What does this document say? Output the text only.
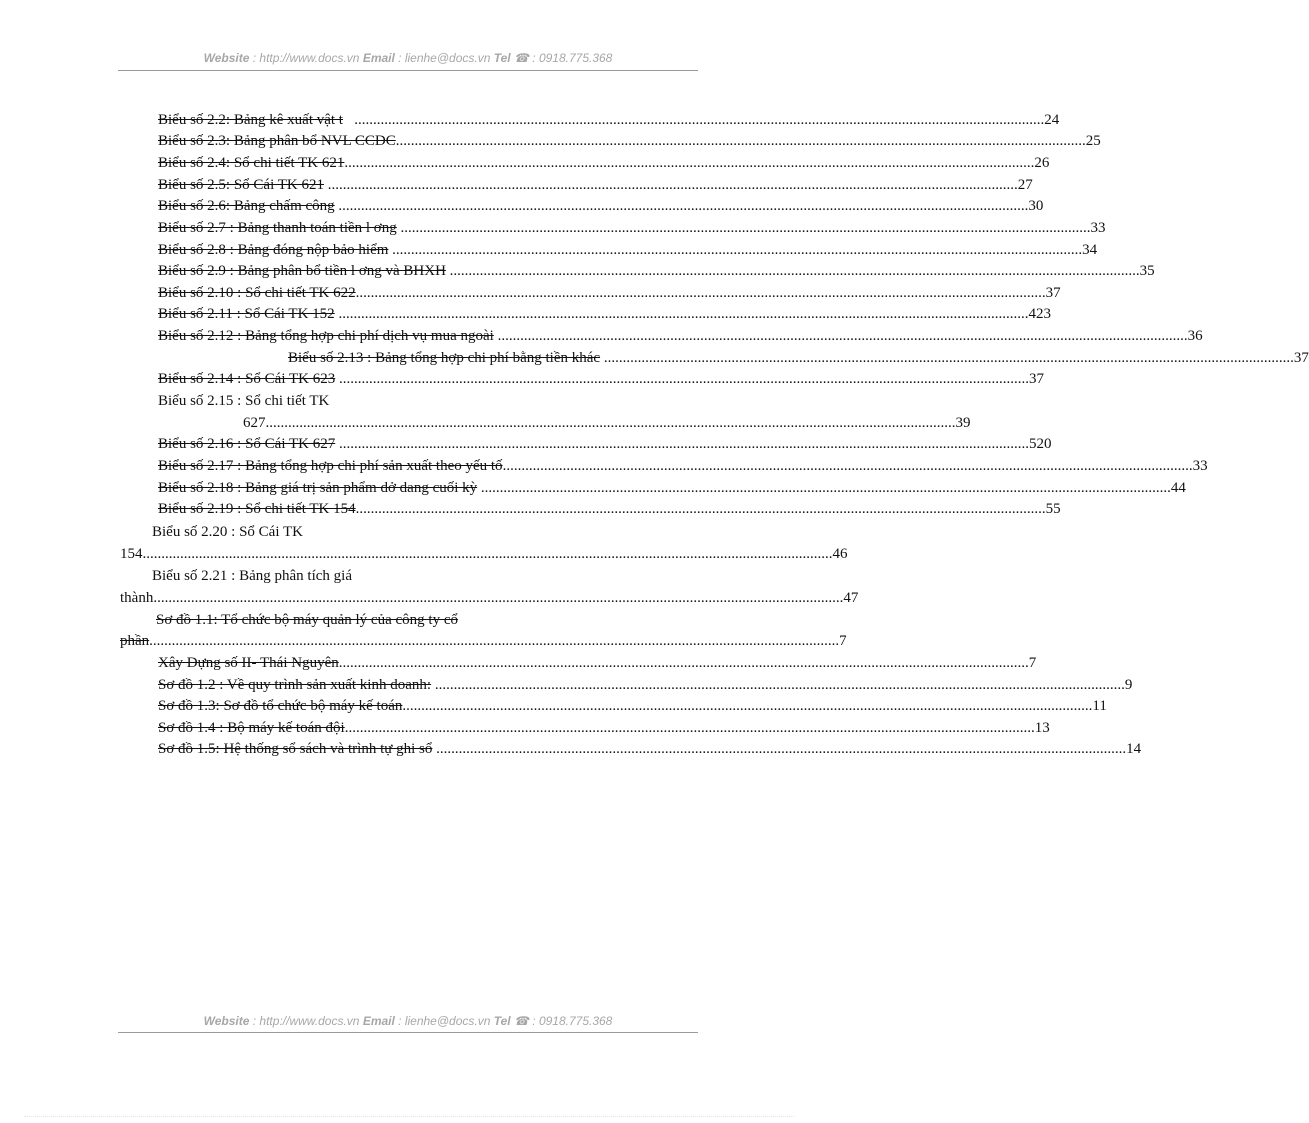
Website : http://www.docs.vn Email : lienhe@docs.vn Tel ☎ : 0918.775.368
Biểu số 2.2: Bảng kê xuất vật t ........................................................................................................................................................................................ 24
Biểu số 2.3: Bảng phân bổ NVL CCDC ........................................................................................................................................................................................ 25
Biểu số 2.4: Sổ chi tiết TK 621 ........................................................................................................................................................................................ 26
Biểu số 2.5: Sổ Cái TK 621 ........................................................................................................................................................................................ 27
Biểu số 2.6: Bảng chấm công ........................................................................................................................................................................................ 30
Biểu số 2.7 : Bảng thanh toán tiền l ơng ........................................................................................................................................................................................ 33
Biểu số 2.8 : Bảng đóng nộp bảo hiểm ........................................................................................................................................................................................ 34
Biểu số 2.9 : Bảng phân bổ tiền l ơng và BHXH ........................................................................................................................................................................................ 35
Biểu số 2.10 : Sổ chi tiết TK 622 ........................................................................................................................................................................................ 37
Biểu số 2.11 : Sổ Cái TK 152 ........................................................................................................................................................................................ 423
Biểu số 2.12 : Bảng tổng hợp chi phí dịch vụ mua ngoài ........................................................................................................................................................................................ 36
Biểu số 2.13 : Bảng tổng hợp chi phí bằng tiền khác ........................................................................................................................................................................................ 37
Biểu số 2.14 : Sổ Cái TK 623 ........................................................................................................................................................................................ 37
Biểu số 2.15 : Sổ chi tiết TK
627 ........................................................................................................................................................................................ 39
Biểu số 2.16 : Sổ Cái TK 627 ........................................................................................................................................................................................ 520
Biểu số 2.17 : Bảng tổng hợp chi phí sản xuất theo yếu tố ........................................................................................................................................................................................ 33
Biểu số 2.18 : Bảng giá trị sản phẩm dở dang cuối kỳ ........................................................................................................................................................................................ 44
Biểu số 2.19 : Sổ chi tiết TK 154 ........................................................................................................................................................................................ 55
Biểu số 2.20 : Sổ Cái TK
154 ........................................................................................................................................................................................ 46
Biểu số 2.21 : Bảng phân tích giá
thành ........................................................................................................................................................................................ 47
Sơ đồ 1.1: Tổ chức bộ máy quản lý của công ty cổ
phần ........................................................................................................................................................................................ 7
Xây Dựng số II- Thái Nguyên ........................................................................................................................................................................................ 7
Sơ đồ 1.2 : Về quy trình sản xuất kinh doanh: ........................................................................................................................................................................................ 9
Sơ đồ 1.3: Sơ đồ tổ chức bộ máy kế toán ........................................................................................................................................................................................ 11
Sơ đồ 1.4 : Bộ máy kế toán đội ........................................................................................................................................................................................ 13
Sơ đồ 1.5: Hệ thống sổ sách và trình tự ghi sổ ........................................................................................................................................................................................ 14
Website : http://www.docs.vn Email : lienhe@docs.vn Tel ☎ : 0918.775.368
